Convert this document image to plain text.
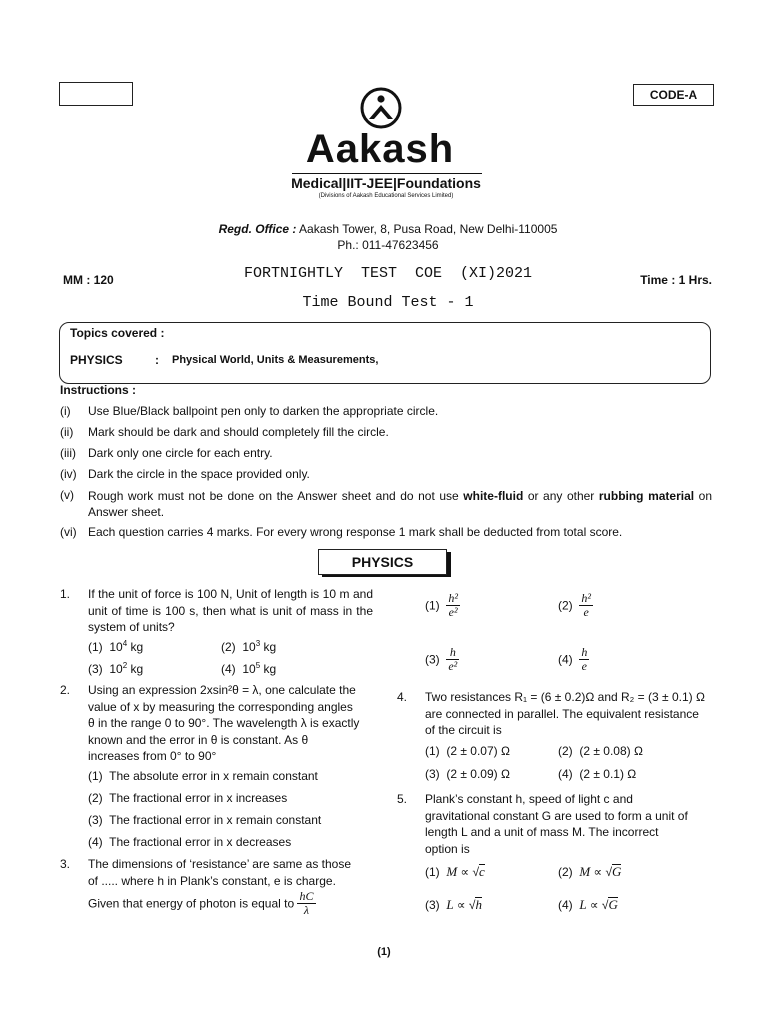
CODE-A
Aakash
Medical|IIT-JEE|Foundations
(Divisions of Aakash Educational Services Limited)
Regd. Office : Aakash Tower, 8, Pusa Road, New Delhi-110005
Ph.: 011-47623456
MM : 120	FORTNIGHTLY  TEST  COE  (XI)2021	Time : 1 Hrs.
Time Bound Test - 1
Topics covered :
PHYSICS	: Physical World, Units & Measurements,
Instructions :
(i) Use Blue/Black ballpoint pen only to darken the appropriate circle.
(ii) Mark should be dark and should completely fill the circle.
(iii) Dark only one circle for each entry.
(iv) Dark the circle in the space provided only.
(v) Rough work must not be done on the Answer sheet and do not use white-fluid or any other rubbing material on Answer sheet.
(vi) Each question carries 4 marks. For every wrong response 1 mark shall be deducted from total score.
PHYSICS
1. If the unit of force is 100 N, Unit of length is 10 m and unit of time is 100 s, then what is unit of mass in the system of units?
(1) $10^4$ kg	(2) $10^3$ kg
(3) $10^2$ kg	(4) $10^5$ kg
2. Using an expression 2xsin²θ = λ, one calculate the
value of x by measuring the corresponding angles
θ in the range 0 to 90°. The wavelength λ is exactly
known and the error in θ is constant. As θ
increases from 0° to 90°
(1) The absolute error in x remain constant
(2) The fractional error in x increases
(3) The fractional error in x remain constant
(4) The fractional error in x decreases
3. The dimensions of ‘resistance’ are same as those
of ..... where h in Plank’s constant, e is charge.
Given that energy of photon is equal to $\frac{hC}{\lambda}$
$(1) \frac{\text{h²}}{\text{e²}}$	$(2) \frac{\text{h²}}{e}$
$(3) \frac{h}{\text{e²}}$	$(4) \frac{h}{e}$
4. Two resistances R₁ = (6 ± 0.2)Ω and R₂ = (3 ± 0.1) Ω
are connected in parallel. The equivalent resistance
of the circuit is
(1) (2 ± 0.07) Ω	(2) (2 ± 0.08) Ω
(3) (2 ± 0.09) Ω	(4) (2 ± 0.1) Ω
5. Plank’s constant h, speed of light c and
gravitational constant G are used to form a unit of
length L and a unit of mass M. The incorrect
option is
(1) M ∝ √c	(2) M ∝ √G
(3) L ∝ √h	(4) L ∝ √G
(1)
